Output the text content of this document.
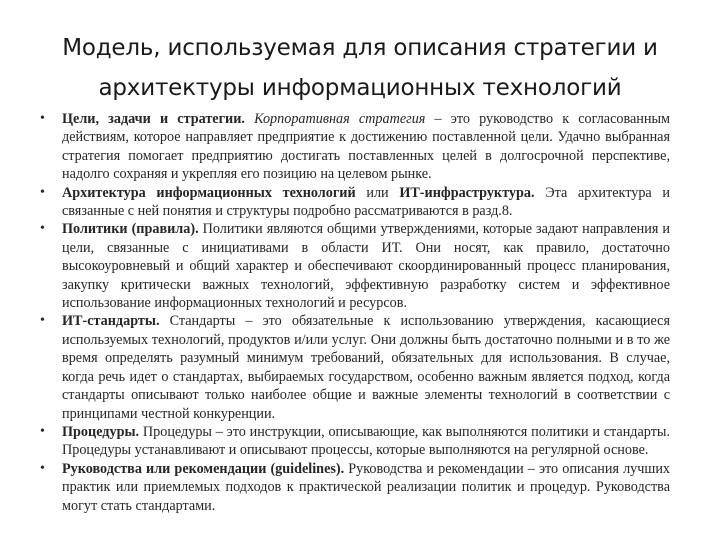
Модель, используемая для описания стратегии и
архитектуры информационных технологий
• Цели, задачи и стратегии. Корпоративная стратегия – это руководство к согласованным действиям, которое направляет предприятие к достижению поставленной цели. Удачно выбранная стратегия помогает предприятию достигать поставленных целей в долгосрочной перспективе, надолго сохраняя и укрепляя его позицию на целевом рынке.
• Архитектура информационных технологий или ИТ-инфраструктура. Эта архитектура и связанные с ней понятия и структуры подробно рассматриваются в разд.8.
• Политики (правила). Политики являются общими утверждениями, которые задают направления и цели, связанные с инициативами в области ИТ. Они носят, как правило, достаточно высокоуровневый и общий характер и обеспечивают скоординированный процесс планирования, закупку критически важных технологий, эффективную разработку систем и эффективное использование информационных технологий и ресурсов.
• ИТ-стандарты. Стандарты – это обязательные к использованию утверждения, касающиеся используемых технологий, продуктов и/или услуг. Они должны быть достаточно полными и в то же время определять разумный минимум требований, обязательных для использования. В случае, когда речь идет о стандартах, выбираемых государством, особенно важным является подход, когда стандарты описывают только наиболее общие и важные элементы технологий в соответствии с принципами честной конкуренции.
• Процедуры. Процедуры – это инструкции, описывающие, как выполняются политики и стандарты. Процедуры устанавливают и описывают процессы, которые выполняются на регулярной основе.
• Руководства или рекомендации (guidelines). Руководства и рекомендации – это описания лучших практик или приемлемых подходов к практической реализации политик и процедур. Руководства могут стать стандартами.
